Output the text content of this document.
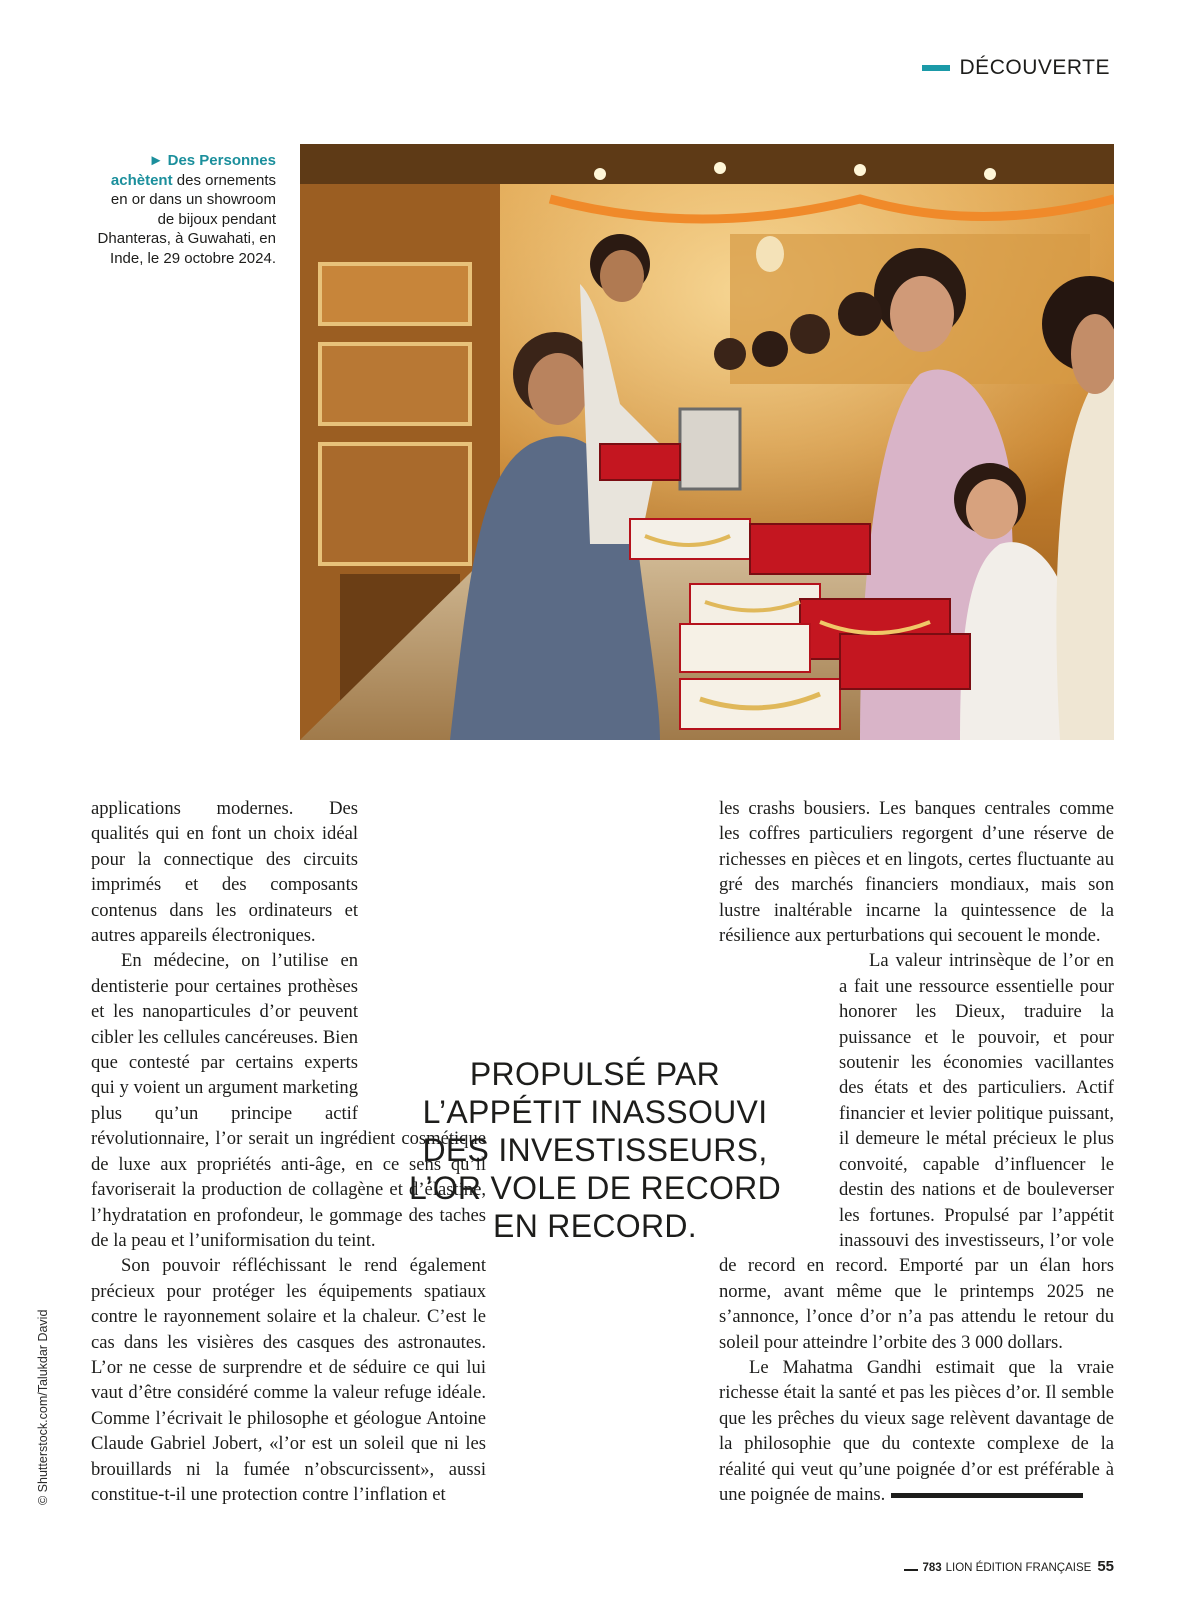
DÉCOUVERTE
► Des Personnes achètent des ornements en or dans un showroom de bijoux pendant Dhanteras, à Guwahati, en Inde, le 29 octobre 2024.
© Shutterstock.com/Talukdar David

applications modernes. Des qualités qui en font un choix idéal pour la connectique des circuits imprimés et des composants contenus dans les ordinateurs et autres appareils électroniques.

En médecine, on l’utilise en dentisterie pour certaines prothèses et les nanoparticules d’or peuvent cibler les cellules cancéreuses. Bien que contesté par certains experts qui y voient un argument marketing plus qu’un principe actif révolutionnaire, l’or serait un ingrédient cosmétique de luxe aux propriétés anti-âge, en ce sens qu’il favoriserait la production de collagène et d’élastine, l’hydratation en profondeur, le gommage des taches de la peau et l’uniformisation du teint.

Son pouvoir réfléchissant le rend également précieux pour protéger les équipements spatiaux contre le rayonnement solaire et la chaleur. C’est le cas dans les visières des casques des astronautes. L’or ne cesse de surprendre et de séduire ce qui lui vaut d’être considéré comme la valeur refuge idéale. Comme l’écrivait le philosophe et géologue Antoine Claude Gabriel Jobert, «l’or est un soleil que ni les brouillards ni la fumée n’obscurcissent», aussi constitue-t-il une protection contre l’inflation et

les crashs bousiers. Les banques centrales comme les coffres particuliers regorgent d’une réserve de richesses en pièces et en lingots, certes fluctuante au gré des marchés financiers mondiaux, mais son lustre inaltérable incarne la quintessence de la résilience aux perturbations qui secouent le monde.

La valeur intrinsèque de l’or en a fait une ressource essentielle pour honorer les Dieux, traduire la puissance et le pouvoir, et pour soutenir les économies vacillantes des états et des particuliers. Actif financier et levier politique puissant, il demeure le métal précieux le plus convoité, capable d’influencer le destin des nations et de bouleverser les fortunes. Propulsé par l’appétit inassouvi des investisseurs, l’or vole de record en record. Emporté par un élan hors norme, avant même que le printemps 2025 ne s’annonce, l’once d’or n’a pas attendu le retour du soleil pour atteindre l’orbite des 3 000 dollars.

Le Mahatma Gandhi estimait que la vraie richesse était la santé et pas les pièces d’or. Il semble que les prêches du vieux sage relèvent davantage de la philosophie que du contexte complexe de la réalité qui veut qu’une poignée d’or est préférable à une poignée de mains.

PROPULSÉ PAR L’APPÉTIT INASSOUVI DES INVESTISSEURS, L’OR VOLE DE RECORD EN RECORD.
783 LION ÉDITION FRANÇAISE 55
